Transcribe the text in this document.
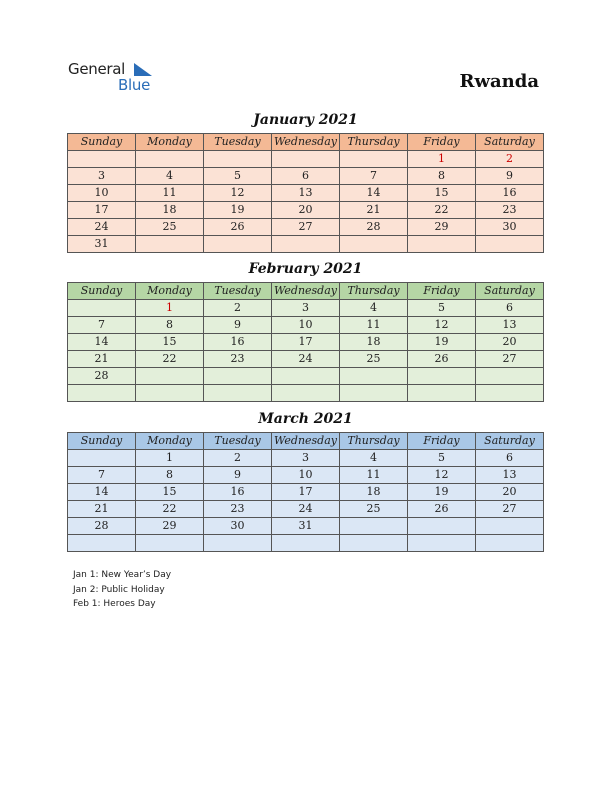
General
Blue	Rwanda
January 2021
Sunday	Monday	Tuesday	Wednesday	Thursday	Friday	Saturday
					1	2
3	4	5	6	7	8	9
10	11	12	13	14	15	16
17	18	19	20	21	22	23
24	25	26	27	28	29	30
31						
February 2021
Sunday	Monday	Tuesday	Wednesday	Thursday	Friday	Saturday
	1	2	3	4	5	6
7	8	9	10	11	12	13
14	15	16	17	18	19	20
21	22	23	24	25	26	27
28						

March 2021
Sunday	Monday	Tuesday	Wednesday	Thursday	Friday	Saturday
	1	2	3	4	5	6
7	8	9	10	11	12	13
14	15	16	17	18	19	20
21	22	23	24	25	26	27
28	29	30	31			

Jan 1: New Year’s Day
Jan 2: Public Holiday
Feb 1: Heroes Day
